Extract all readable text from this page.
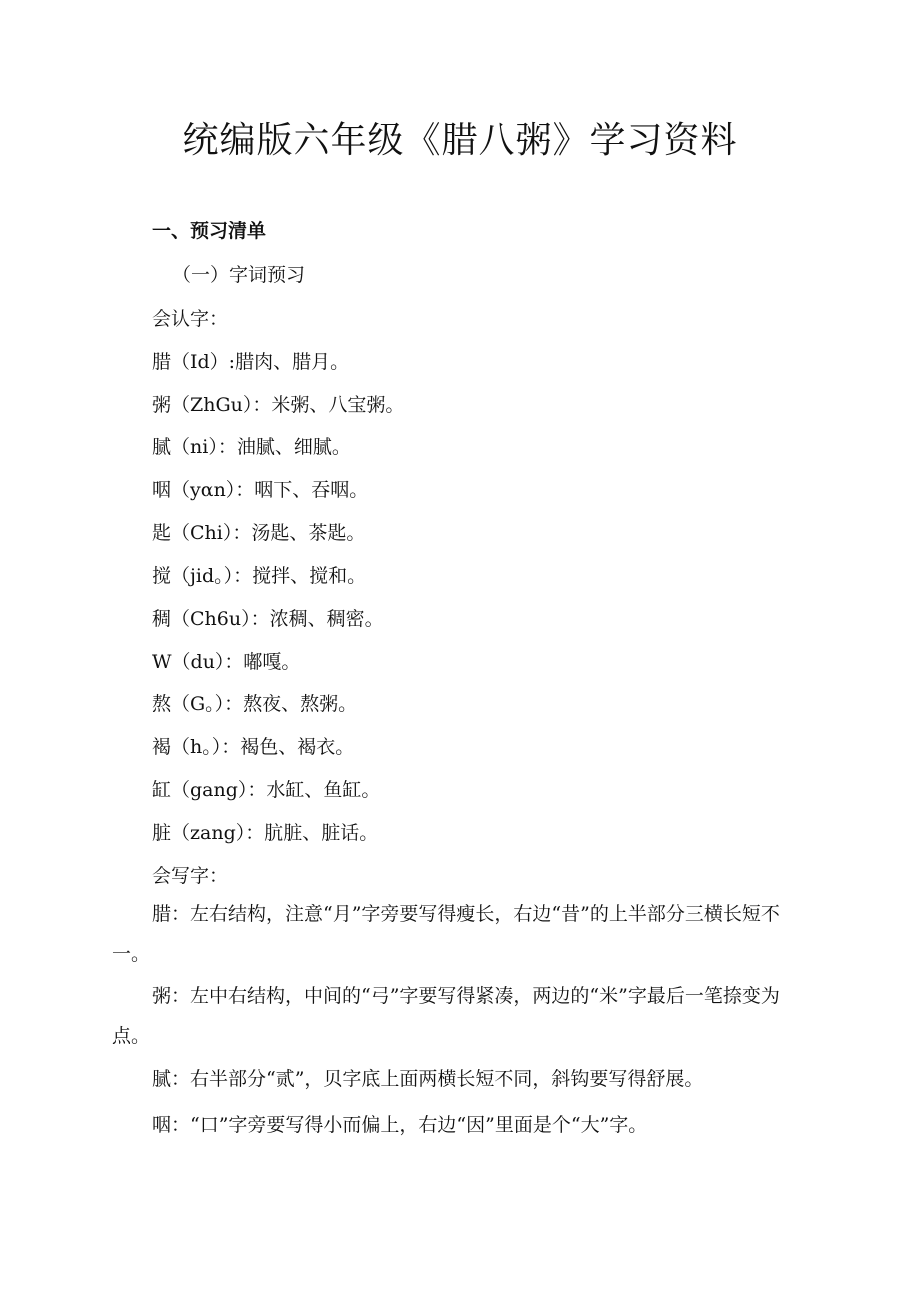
统编版六年级《腊八粥》学习资料
一、预习清单
（一）字词预习
会认字：
腊（Id）:腊肉、腊月。
粥（ZhGu）：米粥、八宝粥。
腻（ni）：油腻、细腻。
咽（yαn）：咽下、吞咽。
匙（Chi）：汤匙、茶匙。
搅（jid。）：搅拌、搅和。
稠（Ch6u）：浓稠、稠密。
W（du）：嘟嘎。
熬（G。）：熬夜、熬粥。
褐（h。）：褐色、褐衣。
缸（gang）：水缸、鱼缸。
脏（zang）：肮脏、脏话。
会写字：
腊：左右结构，注意“月”字旁要写得瘦长，右边“昔”的上半部分三横长短不一。
粥：左中右结构，中间的“弓”字要写得紧凑，两边的“米”字最后一笔捺变为点。
腻：右半部分“贰”，贝字底上面两横长短不同，斜钩要写得舒展。
咽：“口”字旁要写得小而偏上，右边“因”里面是个“大”字。
